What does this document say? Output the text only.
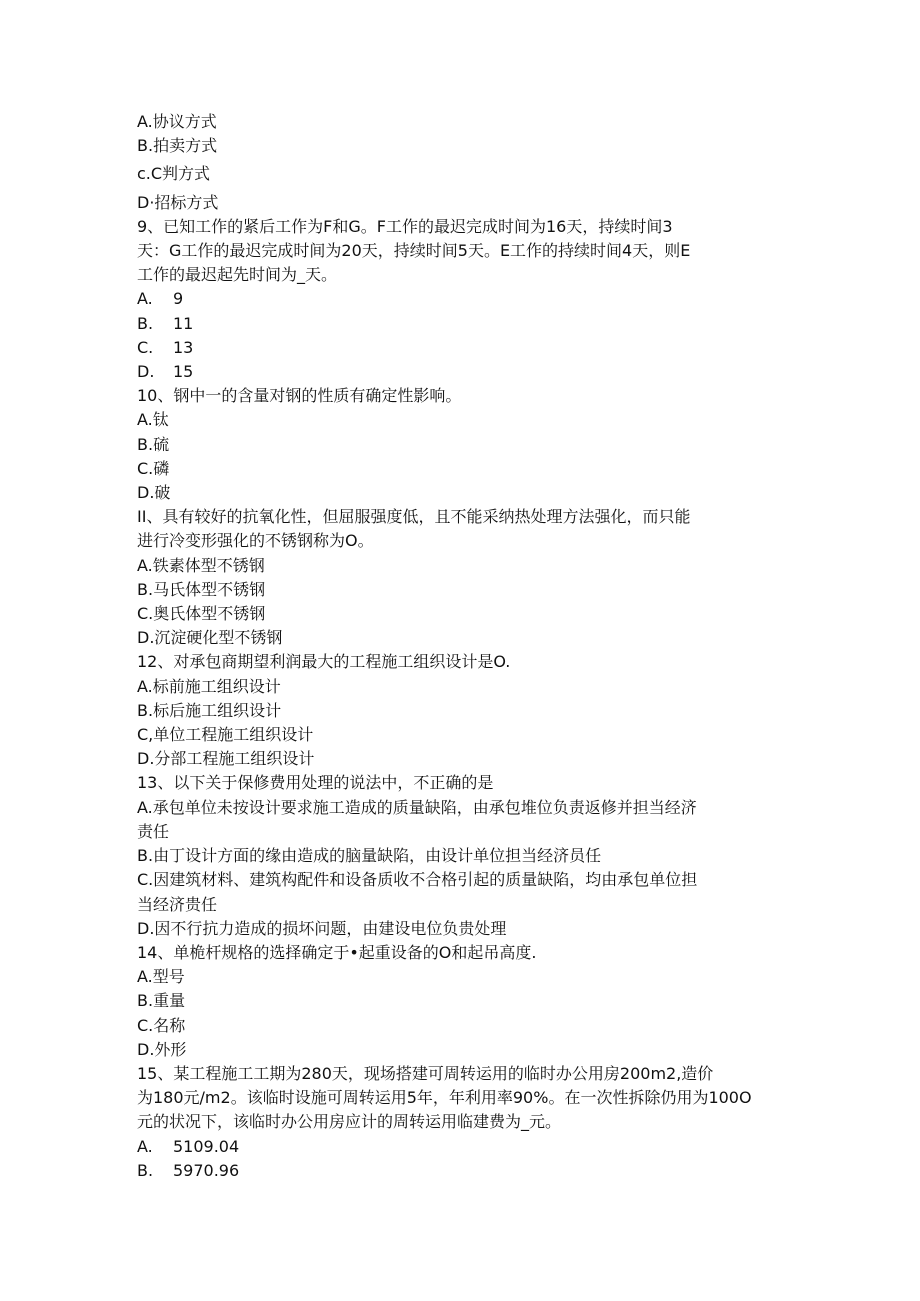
A.协议方式
B.拍卖方式
c.C判方式
D·招标方式
9、已知工作的紧后工作为F和G。F工作的最迟完成时间为16天，持续时间3
天：G工作的最迟完成时间为20天，持续时间5天。E工作的持续时间4天，则E
工作的最迟起先时间为_天。
A. 9
B. 11
C. 13
D. 15
10、钢中一的含量对钢的性质有确定性影响。
A.钛
B.硫
C.磷
D.破
II、具有较好的抗氧化性，但屈服强度低，且不能采纳热处理方法强化，而只能
进行冷变形强化的不锈钢称为O。
A.铁素体型不锈钢
B.马氏体型不锈钢
C.奥氏体型不锈钢
D.沉淀硬化型不锈钢
12、对承包商期望利润最大的工程施工组织设计是O.
A.标前施工组织设计
B.标后施工组织设计
C,单位工程施工组织设计
D.分部工程施工组织设计
13、以下关于保修费用处理的说法中，不正确的是
A.承包单位未按设计要求施工造成的质量缺陷，由承包堆位负责返修并担当经济
责任
B.由丁设计方面的缘由造成的脑量缺陷，由设计单位担当经济员任
C.因建筑材料、建筑构配件和设备质收不合格引起的质量缺陷，均由承包单位担
当经济贵任
D.因不行抗力造成的损坏问题，由建设电位负贵处理
14、单桅杆规格的选择确定于•起重设备的O和起吊高度.
A.型号
B.重量
C.名称
D.外形
15、某工程施工工期为280天，现场搭建可周转运用的临时办公用房200m2,造价
为180元/m2。该临时设施可周转运用5年，年利用率90%。在一次性拆除仍用为100O
元的状况下，该临时办公用房应计的周转运用临建费为_元。
A. 5109.04
B. 5970.96
